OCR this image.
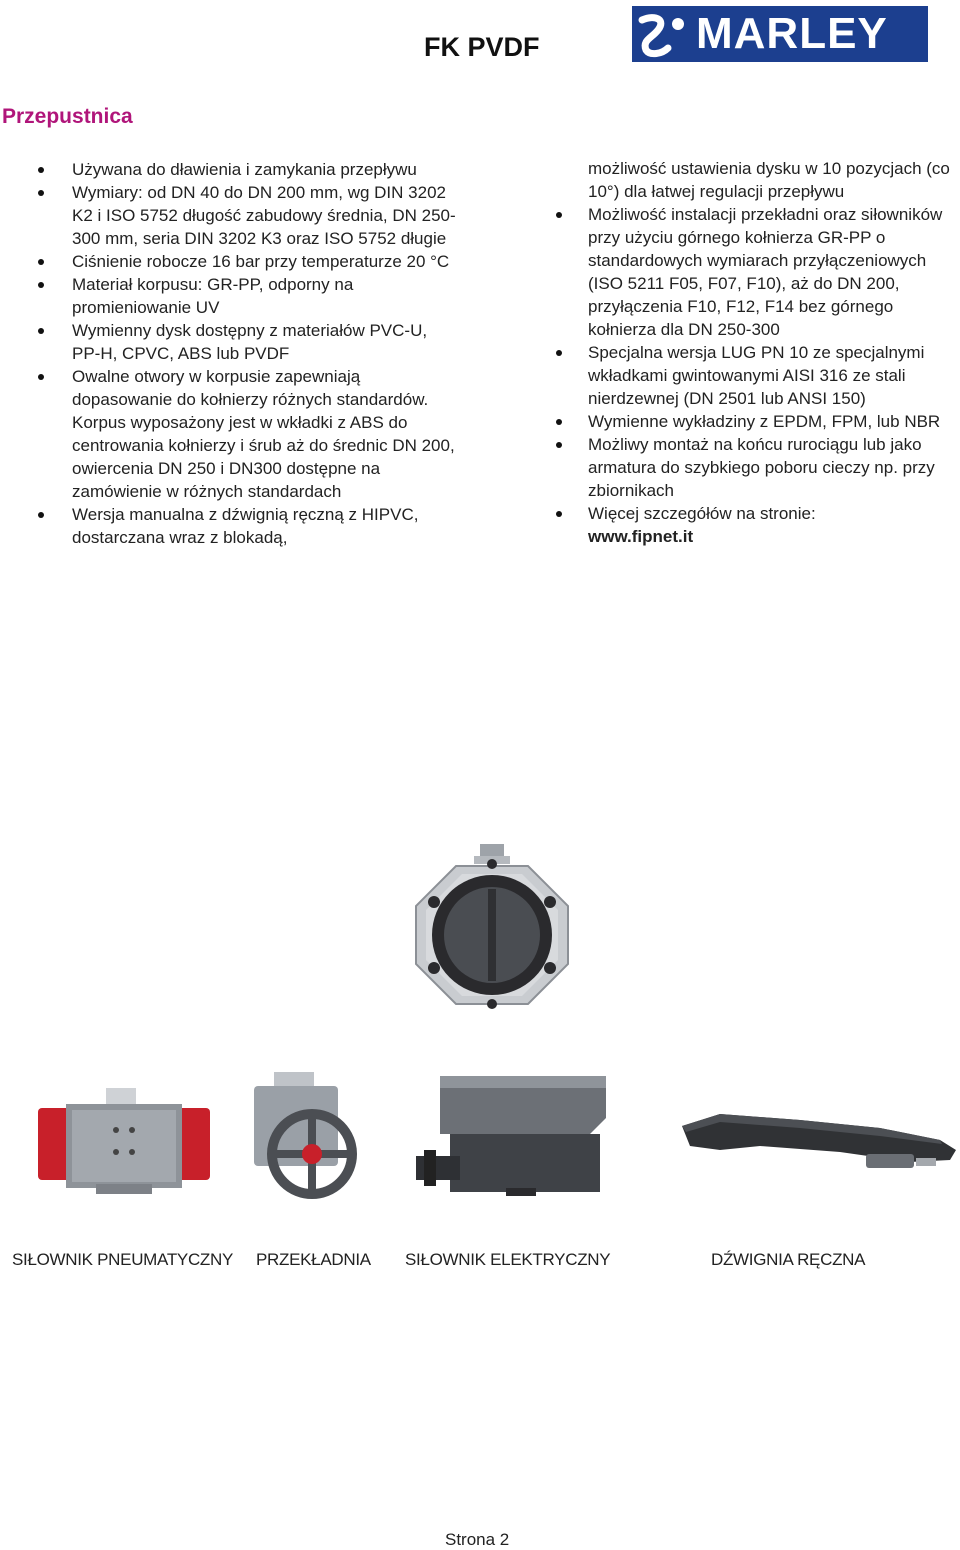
FK PVDF	MARLEY
Przepustnica
Używana do dławienia i zamykania przepływu
Wymiary: od DN 40 do DN 200 mm, wg DIN 3202 K2 i ISO 5752 długość zabudowy średnia, DN 250-300 mm, seria DIN 3202 K3 oraz ISO 5752 długie
Ciśnienie robocze 16 bar przy temperaturze 20 °C
Materiał korpusu: GR-PP, odporny na promieniowanie UV
Wymienny dysk dostępny z materiałów PVC-U, PP-H, CPVC, ABS lub PVDF
Owalne otwory w korpusie zapewniają dopasowanie do kołnierzy różnych standardów. Korpus wyposażony jest w wkładki z ABS do centrowania kołnierzy i śrub aż do średnic DN 200, owiercenia DN 250 i DN300 dostępne na zamówienie w różnych standardach
Wersja manualna z dźwignią ręczną z HIPVC, dostarczana wraz z blokadą,
możliwość ustawienia dysku w 10 pozycjach (co 10°) dla łatwej regulacji przepływu
Możliwość instalacji przekładni oraz siłowników przy użyciu górnego kołnierza GR-PP o standardowych wymiarach przyłączeniowych (ISO 5211 F05, F07, F10), aż do DN 200, przyłączenia F10, F12, F14 bez górnego kołnierza dla DN 250-300
Specjalna wersja LUG PN 10 ze specjalnymi wkładkami gwintowanymi AISI 316 ze stali nierdzewnej (DN 2501 lub ANSI 150)
Wymienne wykładziny z EPDM, FPM, lub NBR
Możliwy montaż na końcu rurociągu lub jako armatura do szybkiego poboru cieczy np. przy zbiornikach
Więcej szczegółów na stronie:
www.fipnet.it
SIŁOWNIK PNEUMATYCZNY PRZEKŁADNIA SIŁOWNIK ELEKTRYCZNY	DŹWIGNIA RĘCZNA
Strona 2
